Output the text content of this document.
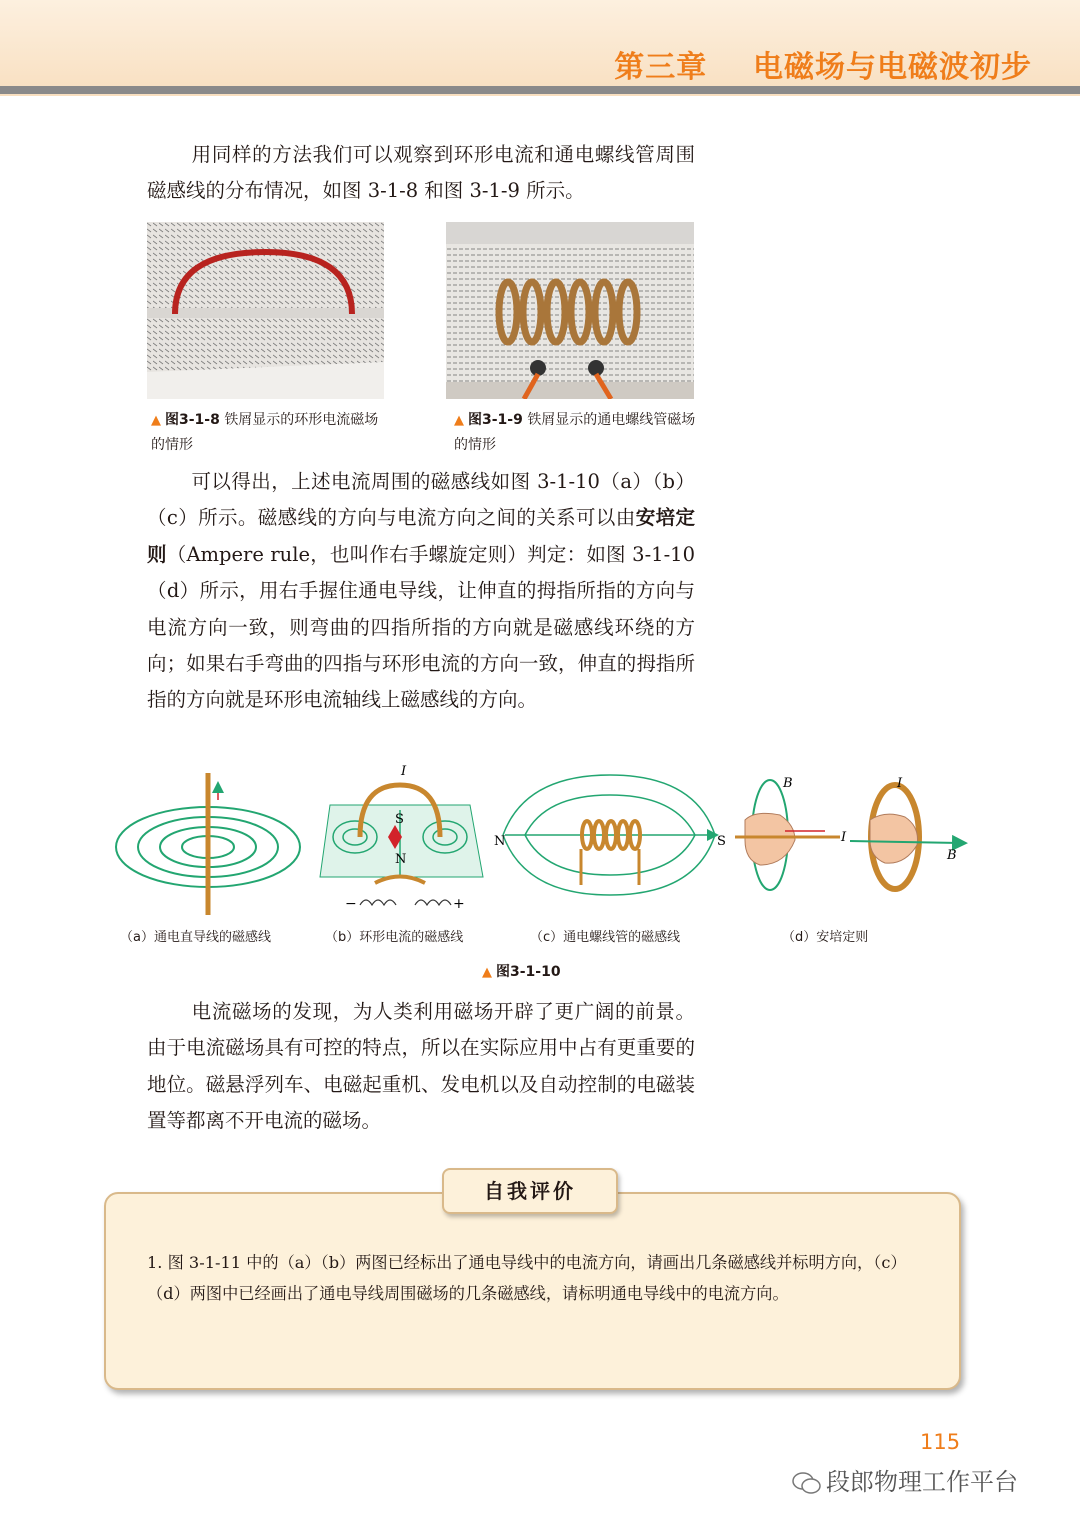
第三章 电磁场与电磁波初步

用同样的方法我们可以观察到环形电流和通电螺线管周围磁感线的分布情况，如图 3-1-8 和图 3-1-9 所示。

▲ 图3-1-8 铁屑显示的环形电流磁场的情形
▲ 图3-1-9 铁屑显示的通电螺线管磁场的情形

可以得出，上述电流周围的磁感线如图 3-1-10（a）（b）（c）所示。磁感线的方向与电流方向之间的关系可以由安培定则（Ampere rule，也叫作右手螺旋定则）判定：如图 3-1-10（d）所示，用右手握住通电导线，让伸直的拇指所指的方向与电流方向一致，则弯曲的四指所指的方向就是磁感线环绕的方向；如果右手弯曲的四指与环形电流的方向一致，伸直的拇指所指的方向就是环形电流轴线上磁感线的方向。

S
N
I
−	+
N	S
B
I
I
B
（a）通电直导线的磁感线	（b）环形电流的磁感线	（c）通电螺线管的磁感线	（d）安培定则
▲ 图3-1-10

电流磁场的发现，为人类利用磁场开辟了更广阔的前景。由于电流磁场具有可控的特点，所以在实际应用中占有更重要的地位。磁悬浮列车、电磁起重机、发电机以及自动控制的电磁装置等都离不开电流的磁场。

自我评价

1. 图 3-1-11 中的（a）（b）两图已经标出了通电导线中的电流方向，请画出几条磁感线并标明方向，（c）（d）两图中已经画出了通电导线周围磁场的几条磁感线，请标明通电导线中的电流方向。

115
段郎物理工作平台
